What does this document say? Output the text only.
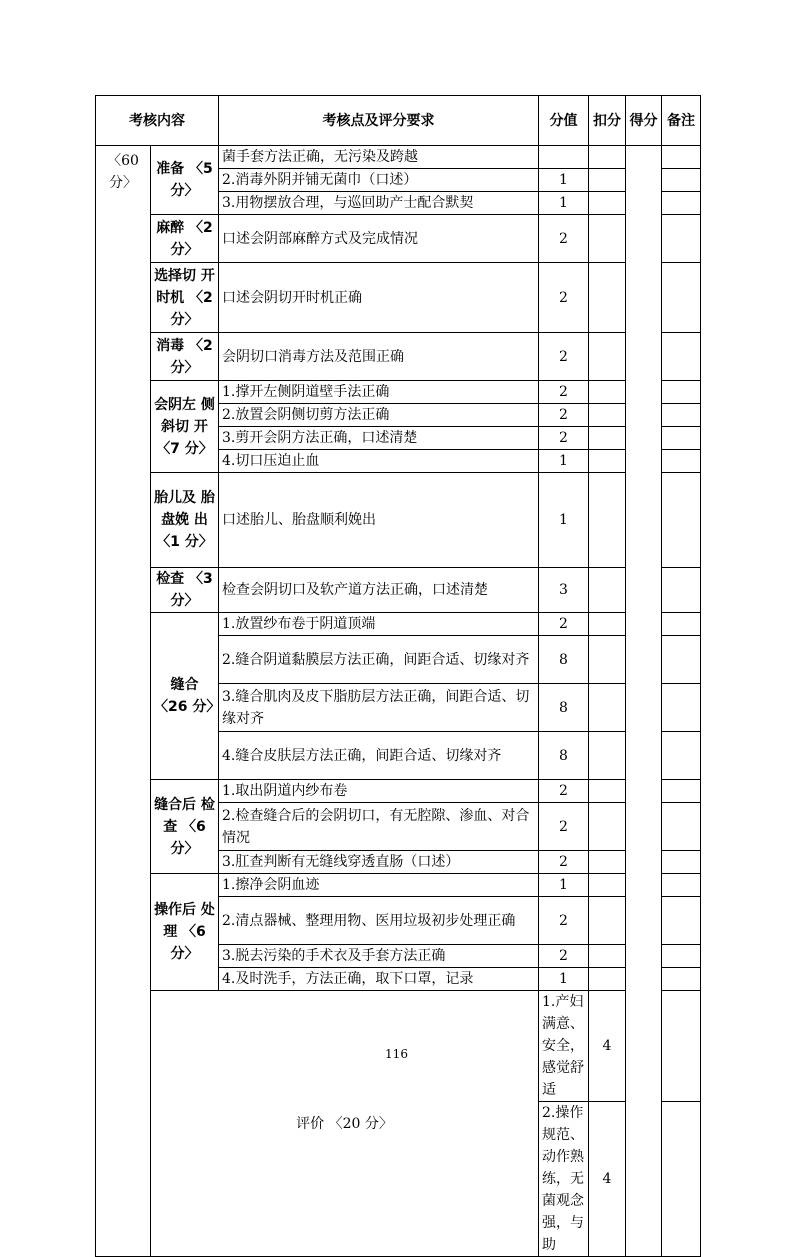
考核内容		考核点及评分要求	分值	扣分	得分	备注	
〈60 分〉	准备 〈5 分〉	菌手套方法正确，无污染及跨越					
		2.消毒外阴并铺无菌巾（口述）	1				
		3.用物摆放合理，与巡回助产士配合默契	1				
	麻醉 〈2 分〉	口述会阴部麻醉方式及完成情况	2				
	选择切 开时机 〈2 分〉	口述会阴切开时机正确	2				
	消毒 〈2 分〉	会阴切口消毒方法及范围正确	2				
	会阴左 侧斜切 开 〈7 分〉	1.撑开左侧阴道壁手法正确	2				
		2.放置会阴侧切剪方法正确	2				
		3.剪开会阴方法正确，口述清楚	2				
		4.切口压迫止血	1				
	胎儿及 胎盘娩 出 〈1 分〉	口述胎儿、胎盘顺利娩出	1				
	检查 〈3 分〉	检查会阴切口及软产道方法正确，口述清楚	3				
	缝合 〈26 分〉	1.放置纱布卷于阴道顶端	2				
		2.缝合阴道黏膜层方法正确，间距合适、切缘对齐	8				
		3.缝合肌肉及皮下脂肪层方法正确，间距合适、切缘对齐	8				
		4.缝合皮肤层方法正确，间距合适、切缘对齐	8				
	缝合后 检查 〈6 分〉	1.取出阴道内纱布卷	2				
		2.检查缝合后的会阴切口，有无腔隙、渗血、对合情况	2				
		3.肛查判断有无缝线穿透直肠（口述）	2				
	操作后 处理 〈6 分〉	1.擦净会阴血迹	1				
		2.清点器械、整理用物、医用垃圾初步处理正确	2				
		3.脱去污染的手术衣及手套方法正确	2				
		4.及时洗手，方法正确，取下口罩，记录	1				
	评价 〈20 分〉		1.产妇满意、安全，感觉舒适	4			
			2.操作规范、动作熟练，无菌观念强，与助	4			
116
